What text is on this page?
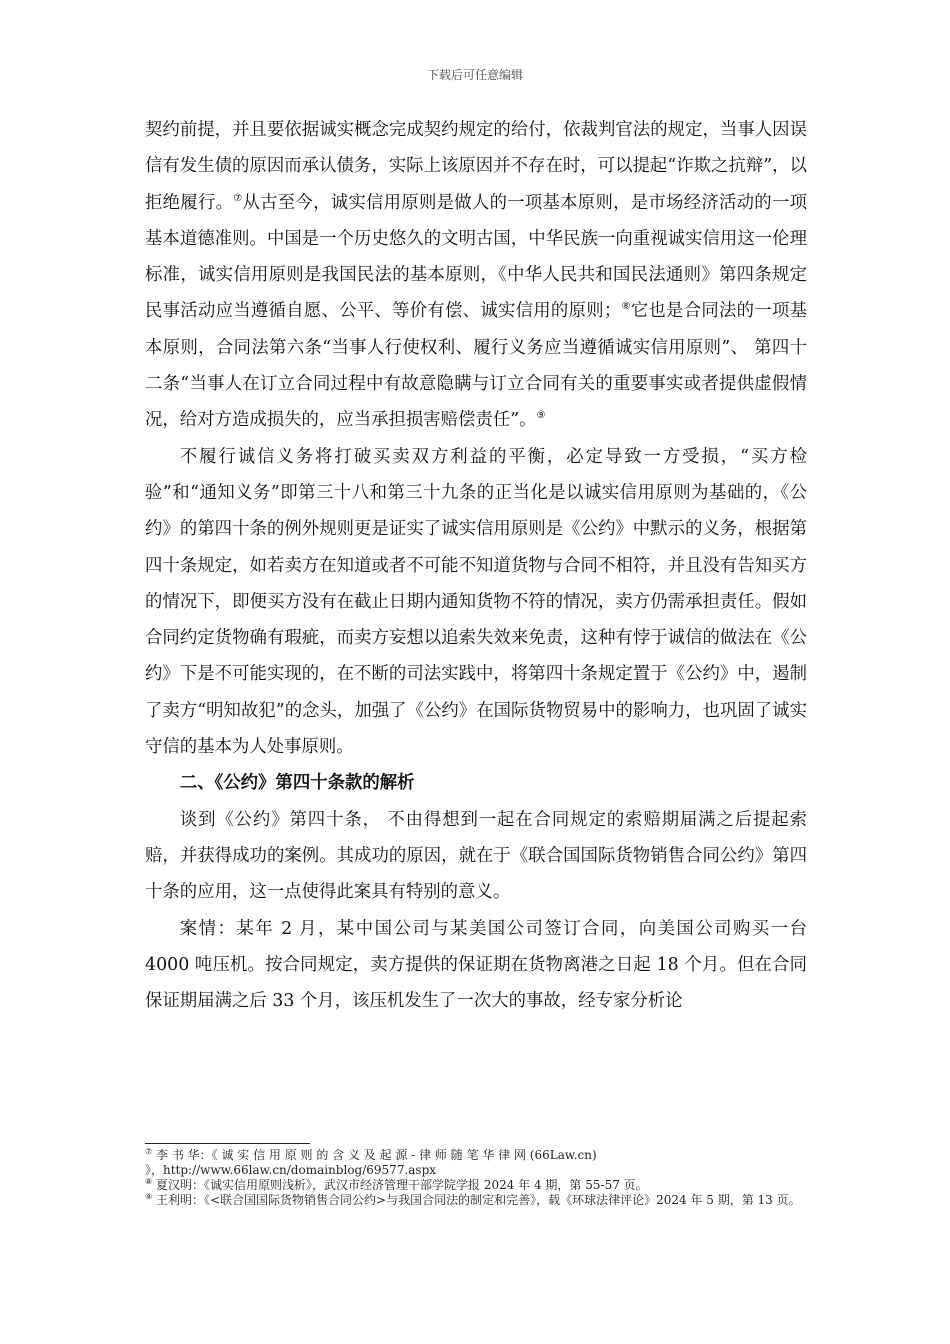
下载后可任意编辑

契约前提，并且要依据诚实概念完成契约规定的给付，依裁判官法的规定，当事人因误信有发生债的原因而承认债务，实际上该原因并不存在时，可以提起“诈欺之抗辩”，以拒绝履行。⑦从古至今，诚实信用原则是做人的一项基本原则，是市场经济活动的一项基本道德准则。中国是一个历史悠久的文明古国，中华民族一向重视诚实信用这一伦理标准，诚实信用原则是我国民法的基本原则，《中华人民共和国民法通则》第四条规定民事活动应当遵循自愿、公平、等价有偿、诚实信用的原则；⑧它也是合同法的一项基本原则，合同法第六条“当事人行使权利、履行义务应当遵循诚实信用原则”、 第四十二条“当事人在订立合同过程中有故意隐瞒与订立合同有关的重要事实或者提供虚假情况，给对方造成损失的，应当承担损害赔偿责任”。⑨

不履行诚信义务将打破买卖双方利益的平衡，必定导致一方受损，“买方检验”和“通知义务”即第三十八和第三十九条的正当化是以诚实信用原则为基础的，《公约》的第四十条的例外规则更是证实了诚实信用原则是《公约》中默示的义务，根据第四十条规定，如若卖方在知道或者不可能不知道货物与合同不相符，并且没有告知买方的情况下，即便买方没有在截止日期内通知货物不符的情况，卖方仍需承担责任。假如合同约定货物确有瑕疵，而卖方妄想以追索失效来免责，这种有悖于诚信的做法在《公约》下是不可能实现的，在不断的司法实践中，将第四十条规定置于《公约》中，遏制了卖方“明知故犯”的念头，加强了《公约》在国际货物贸易中的影响力，也巩固了诚实守信的基本为人处事原则。

二、《公约》第四十条款的解析

谈到《公约》第四十条， 不由得想到一起在合同规定的索赔期届满之后提起索赔，并获得成功的案例。其成功的原因，就在于《联合国国际货物销售合同公约》第四十条的应用，这一点使得此案具有特别的意义。

案情：某年 2 月，某中国公司与某美国公司签订合同，向美国公司购买一台 4000 吨压机。按合同规定，卖方提供的保证期在货物离港之日起 18 个月。但在合同保证期届满之后 33 个月，该压机发生了一次大的事故，经专家分析论

⑦ 李 书 华：《 诚 实 信 用 原 则 的 含 义 及 起 源 - 律 师 随 笔 华 律 网 (66Law.cn)
》，http://www.66law.cn/domainblog/69577.aspx
⑧ 夏汉明：《诚实信用原则浅析》，武汉市经济管理干部学院学报 2024 年 4 期，第 55-57 页。
⑨ 王利明：《<联合国国际货物销售合同公约>与我国合同法的制定和完善》，载《环球法律评论》2024 年 5 期，第 13 页。
